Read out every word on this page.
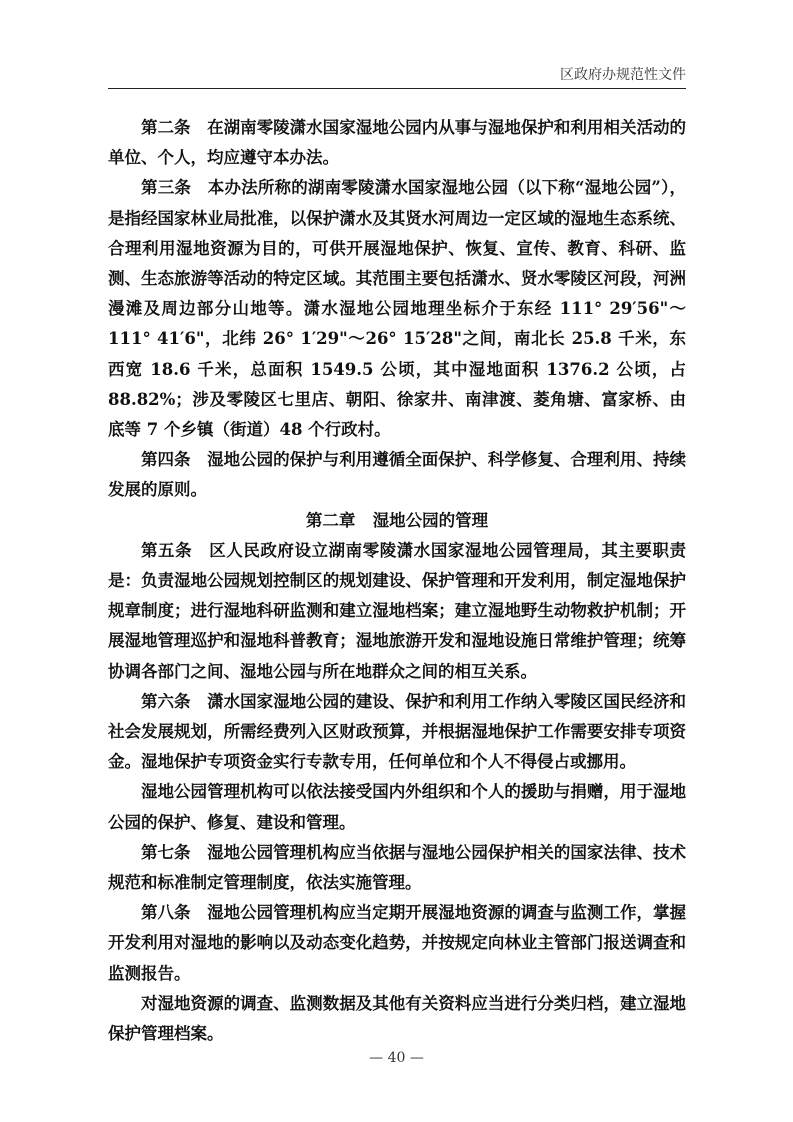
区政府办规范性文件

第二条　 在湖南零陵潇水国家湿地公园内从事与湿地保护和利用相关活动的单位、个人，均应遵守本办法。

第三条　 本办法所称的湖南零陵潇水国家湿地公园（以下称“湿地公园”），是指经国家林业局批准，以保护潇水及其贤水河周边一定区域的湿地生态系统、合理利用湿地资源为目的，可供开展湿地保护、恢复、宣传、教育、科研、监测、生态旅游等活动的特定区域。其范围主要包括潇水、贤水零陵区河段，河洲漫滩及周边部分山地等。潇水湿地公园地理坐标介于东经 111° 29′56"～111° 41′6"，北纬 26° 1′29"～26° 15′28"之间，南北长 25.8 千米，东西宽 18.6 千米，总面积 1549.5 公顷，其中湿地面积 1376.2 公顷，占 88.82%；涉及零陵区七里店、朝阳、徐家井、南津渡、菱角塘、富家桥、由底等 7 个乡镇（街道）48 个行政村。

第四条　 湿地公园的保护与利用遵循全面保护、科学修复、合理利用、持续发展的原则。

第二章 湿地公园的管理

第五条　 区人民政府设立湖南零陵潇水国家湿地公园管理局，其主要职责是：负责湿地公园规划控制区的规划建设、保护管理和开发利用，制定湿地保护规章制度；进行湿地科研监测和建立湿地档案；建立湿地野生动物救护机制；开展湿地管理巡护和湿地科普教育；湿地旅游开发和湿地设施日常维护管理；统筹协调各部门之间、湿地公园与所在地群众之间的相互关系。

第六条　 潇水国家湿地公园的建设、保护和利用工作纳入零陵区国民经济和社会发展规划，所需经费列入区财政预算，并根据湿地保护工作需要安排专项资金。湿地保护专项资金实行专款专用，任何单位和个人不得侵占或挪用。

湿地公园管理机构可以依法接受国内外组织和个人的援助与捐赠，用于湿地公园的保护、修复、建设和管理。

第七条　 湿地公园管理机构应当依据与湿地公园保护相关的国家法律、技术规范和标准制定管理制度，依法实施管理。

第八条　 湿地公园管理机构应当定期开展湿地资源的调查与监测工作，掌握开发利用对湿地的影响以及动态变化趋势，并按规定向林业主管部门报送调查和监测报告。

对湿地资源的调查、监测数据及其他有关资料应当进行分类归档，建立湿地保护管理档案。

— 40 —
